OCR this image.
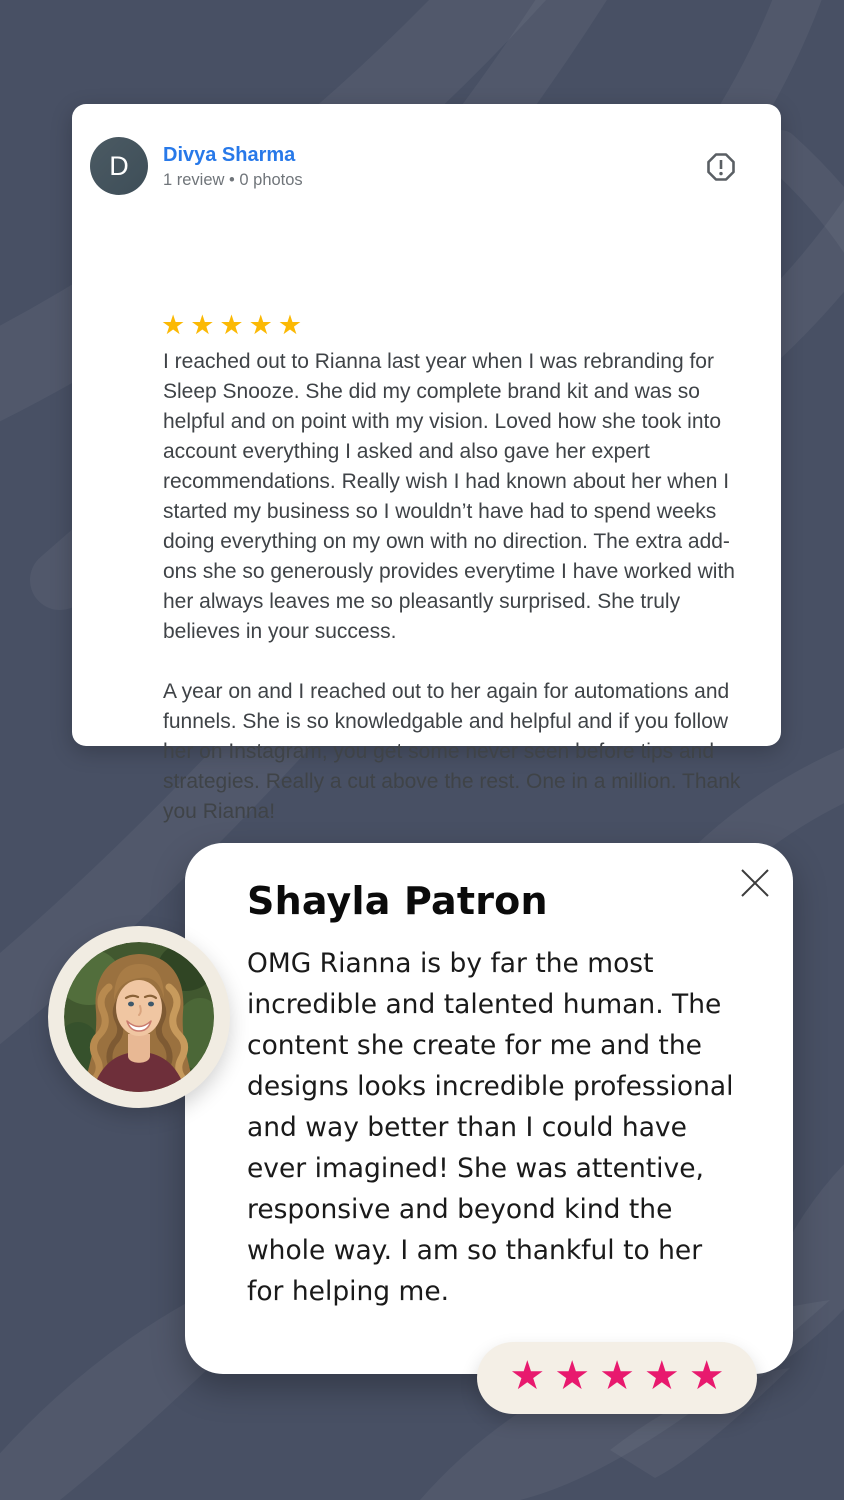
D	Divya Sharma
1 review • 0 photos
★★★★★

I reached out to Rianna last year when I was rebranding for Sleep Snooze. She did my complete brand kit and was so helpful and on point with my vision. Loved how she took into account everything I asked and also gave her expert recommendations. Really wish I had known about her when I started my business so I wouldn’t have had to spend weeks doing everything on my own with no direction. The extra add-ons she so generously provides everytime I have worked with her always leaves me so pleasantly surprised. She truly believes in your success.

A year on and I reached out to her again for automations and funnels. She is so knowledgable and helpful and if you follow her on Instagram, you get some never seen before tips and strategies. Really a cut above the rest. One in a million. Thank you Rianna!

Shayla Patron
OMG Rianna is by far the most incredible and talented human. The content she create for me and the designs looks incredible professional and way better than I could have ever imagined! She was attentive, responsive and beyond kind the whole way. I am so thankful to her for helping me.
★★★★★
